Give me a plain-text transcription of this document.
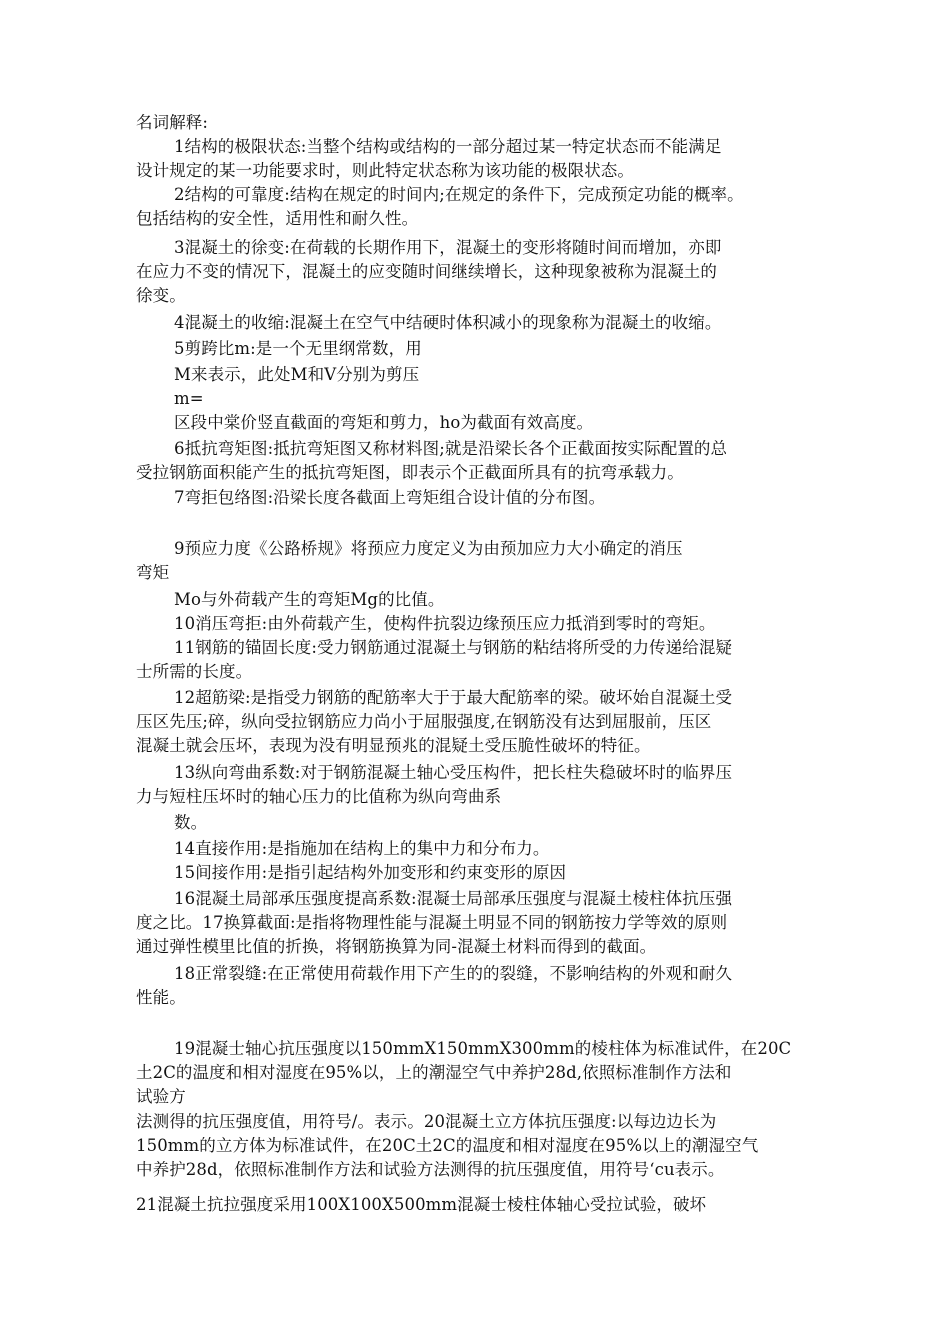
名词解释:
1结构的极限状态:当整个结构或结构的一部分超过某一特定状态而不能满足
设计规定的某一功能要求时，则此特定状态称为该功能的极限状态。
2结构的可靠度:结构在规定的时间内;在规定的条件下，完成预定功能的概率。
包括结构的安全性，适用性和耐久性。
3混凝土的徐变:在荷载的长期作用下，混凝土的变形将随时间而增加，亦即
在应力不变的情况下，混凝土的应变随时间继续增长，这种现象被称为混凝土的
徐变。
4混凝土的收缩:混凝土在空气中结硬时体积减小的现象称为混凝土的收缩。
5剪跨比m:是一个无里纲常数，用
M来表示，此处M和V分别为剪压
m=
区段中棠价竖直截面的弯矩和剪力，ho为截面有效高度。
6抵抗弯矩图:抵抗弯矩图又称材料图;就是沿梁长各个正截面按实际配置的总
受拉钢筋面积能产生的抵抗弯矩图，即表示个正截面所具有的抗弯承载力。
7弯拒包络图:沿梁长度各截面上弯矩组合设计值的分布图。
9预应力度《公路桥规》将预应力度定义为由预加应力大小确定的消压
弯矩
Mo与外荷载产生的弯矩Mg的比值。
10消压弯拒:由外荷载产生，使构件抗裂边缘预压应力抵消到零时的弯矩。
11钢筋的锚固长度:受力钢筋通过混凝土与钢筋的粘结将所受的力传递给混疑
士所需的长度。
12超筋梁:是指受力钢筋的配筋率大于于最大配筋率的梁。破坏始自混凝土受
压区先压;碎，纵向受拉钢筋应力尚小于屈服强度,在钢筋没有达到屈服前，压区
混凝土就会压坏，表现为没有明显预兆的混疑土受压脆性破坏的特征。
13纵向弯曲系数:对于钢筋混凝土轴心受压构件，把长柱失稳破坏时的临界压
力与短柱压坏时的轴心压力的比值称为纵向弯曲系
数。
14直接作用:是指施加在结构上的集中力和分布力。
15间接作用:是指引起结构外加变形和约束变形的原因
16混凝土局部承压强度提高系数:混凝士局部承压强度与混凝土棱柱体抗压强
度之比。17换算截面:是指将物理性能与混凝土明显不同的钢筋按力学等效的原则
通过弹性模里比值的折换，将钢筋换算为同-混凝土材料而得到的截面。
18正常裂缝:在正常使用荷载作用下产生的的裂缝，不影响结构的外观和耐久
性能。
19混凝士轴心抗压强度以150mmX150mmX300mm的棱柱体为标准试件，在20C
土2C的温度和相对湿度在95%以，上的潮湿空气中养护28d,依照标准制作方法和
试验方
法测得的抗压强度值，用符号/。表示。20混凝土立方体抗压强度:以每边边长为
150mm的立方体为标准试件，在20C土2C的温度和相对湿度在95%以上的潮湿空气
中养护28d，依照标准制作方法和试验方法测得的抗压强度值，用符号‘cu表示。
21混凝土抗拉强度采用100X100X500mm混凝士棱柱体轴心受拉试验，破坏
